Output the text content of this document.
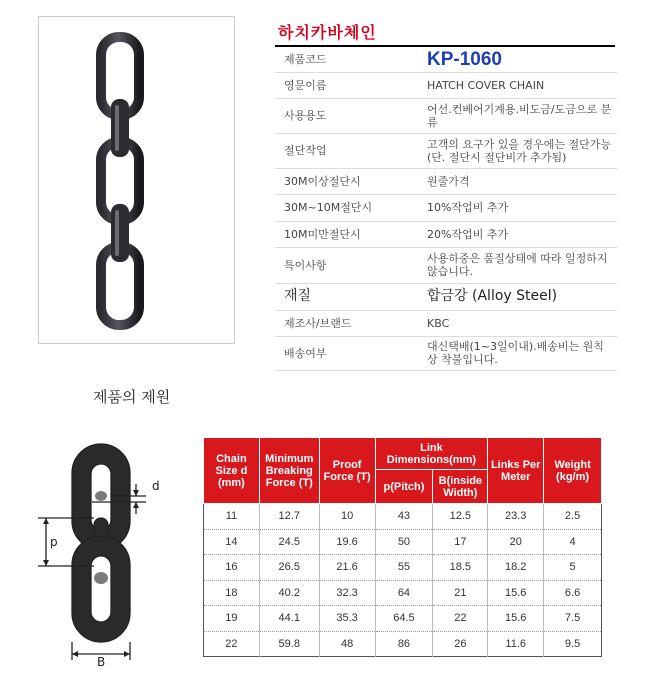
하치카바체인
제품코드	KP-1060
영문이름	HATCH COVER CHAIN
사용용도	어선.컨베어기계용.비도금/도금으로 분류
절단작업	고객의 요구가 있을 경우에는 절단가능(단. 절단시 절단비가 추가됨)
30M이상절단시	원줄가격
30M~10M절단시	10%작업비 추가
10M미만절단시	20%작업비 추가
특이사항	사용하중은 품질상태에 따라 일정하지 않습니다.
재질	합금강 (Alloy Steel)
제조사/브랜드	KBC
배송여부	대신택배(1~3일이내).배송비는 원칙상 착불입니다.
제품의 제원
d
p
B
Chain Size d (mm)	Minimum Breaking Force (T)	Proof Force (T)	Link Dimensions(mm)		Links Per Meter	Weight (kg/m)
			p(Pitch)	B(inside Width)		
11	12.7	10	43	12.5	23.3	2.5
14	24.5	19.6	50	17	20	4
16	26.5	21.6	55	18.5	18.2	5
18	40.2	32.3	64	21	15.6	6.6
19	44.1	35.3	64.5	22	15.6	7.5
22	59.8	48	86	26	11.6	9.5
